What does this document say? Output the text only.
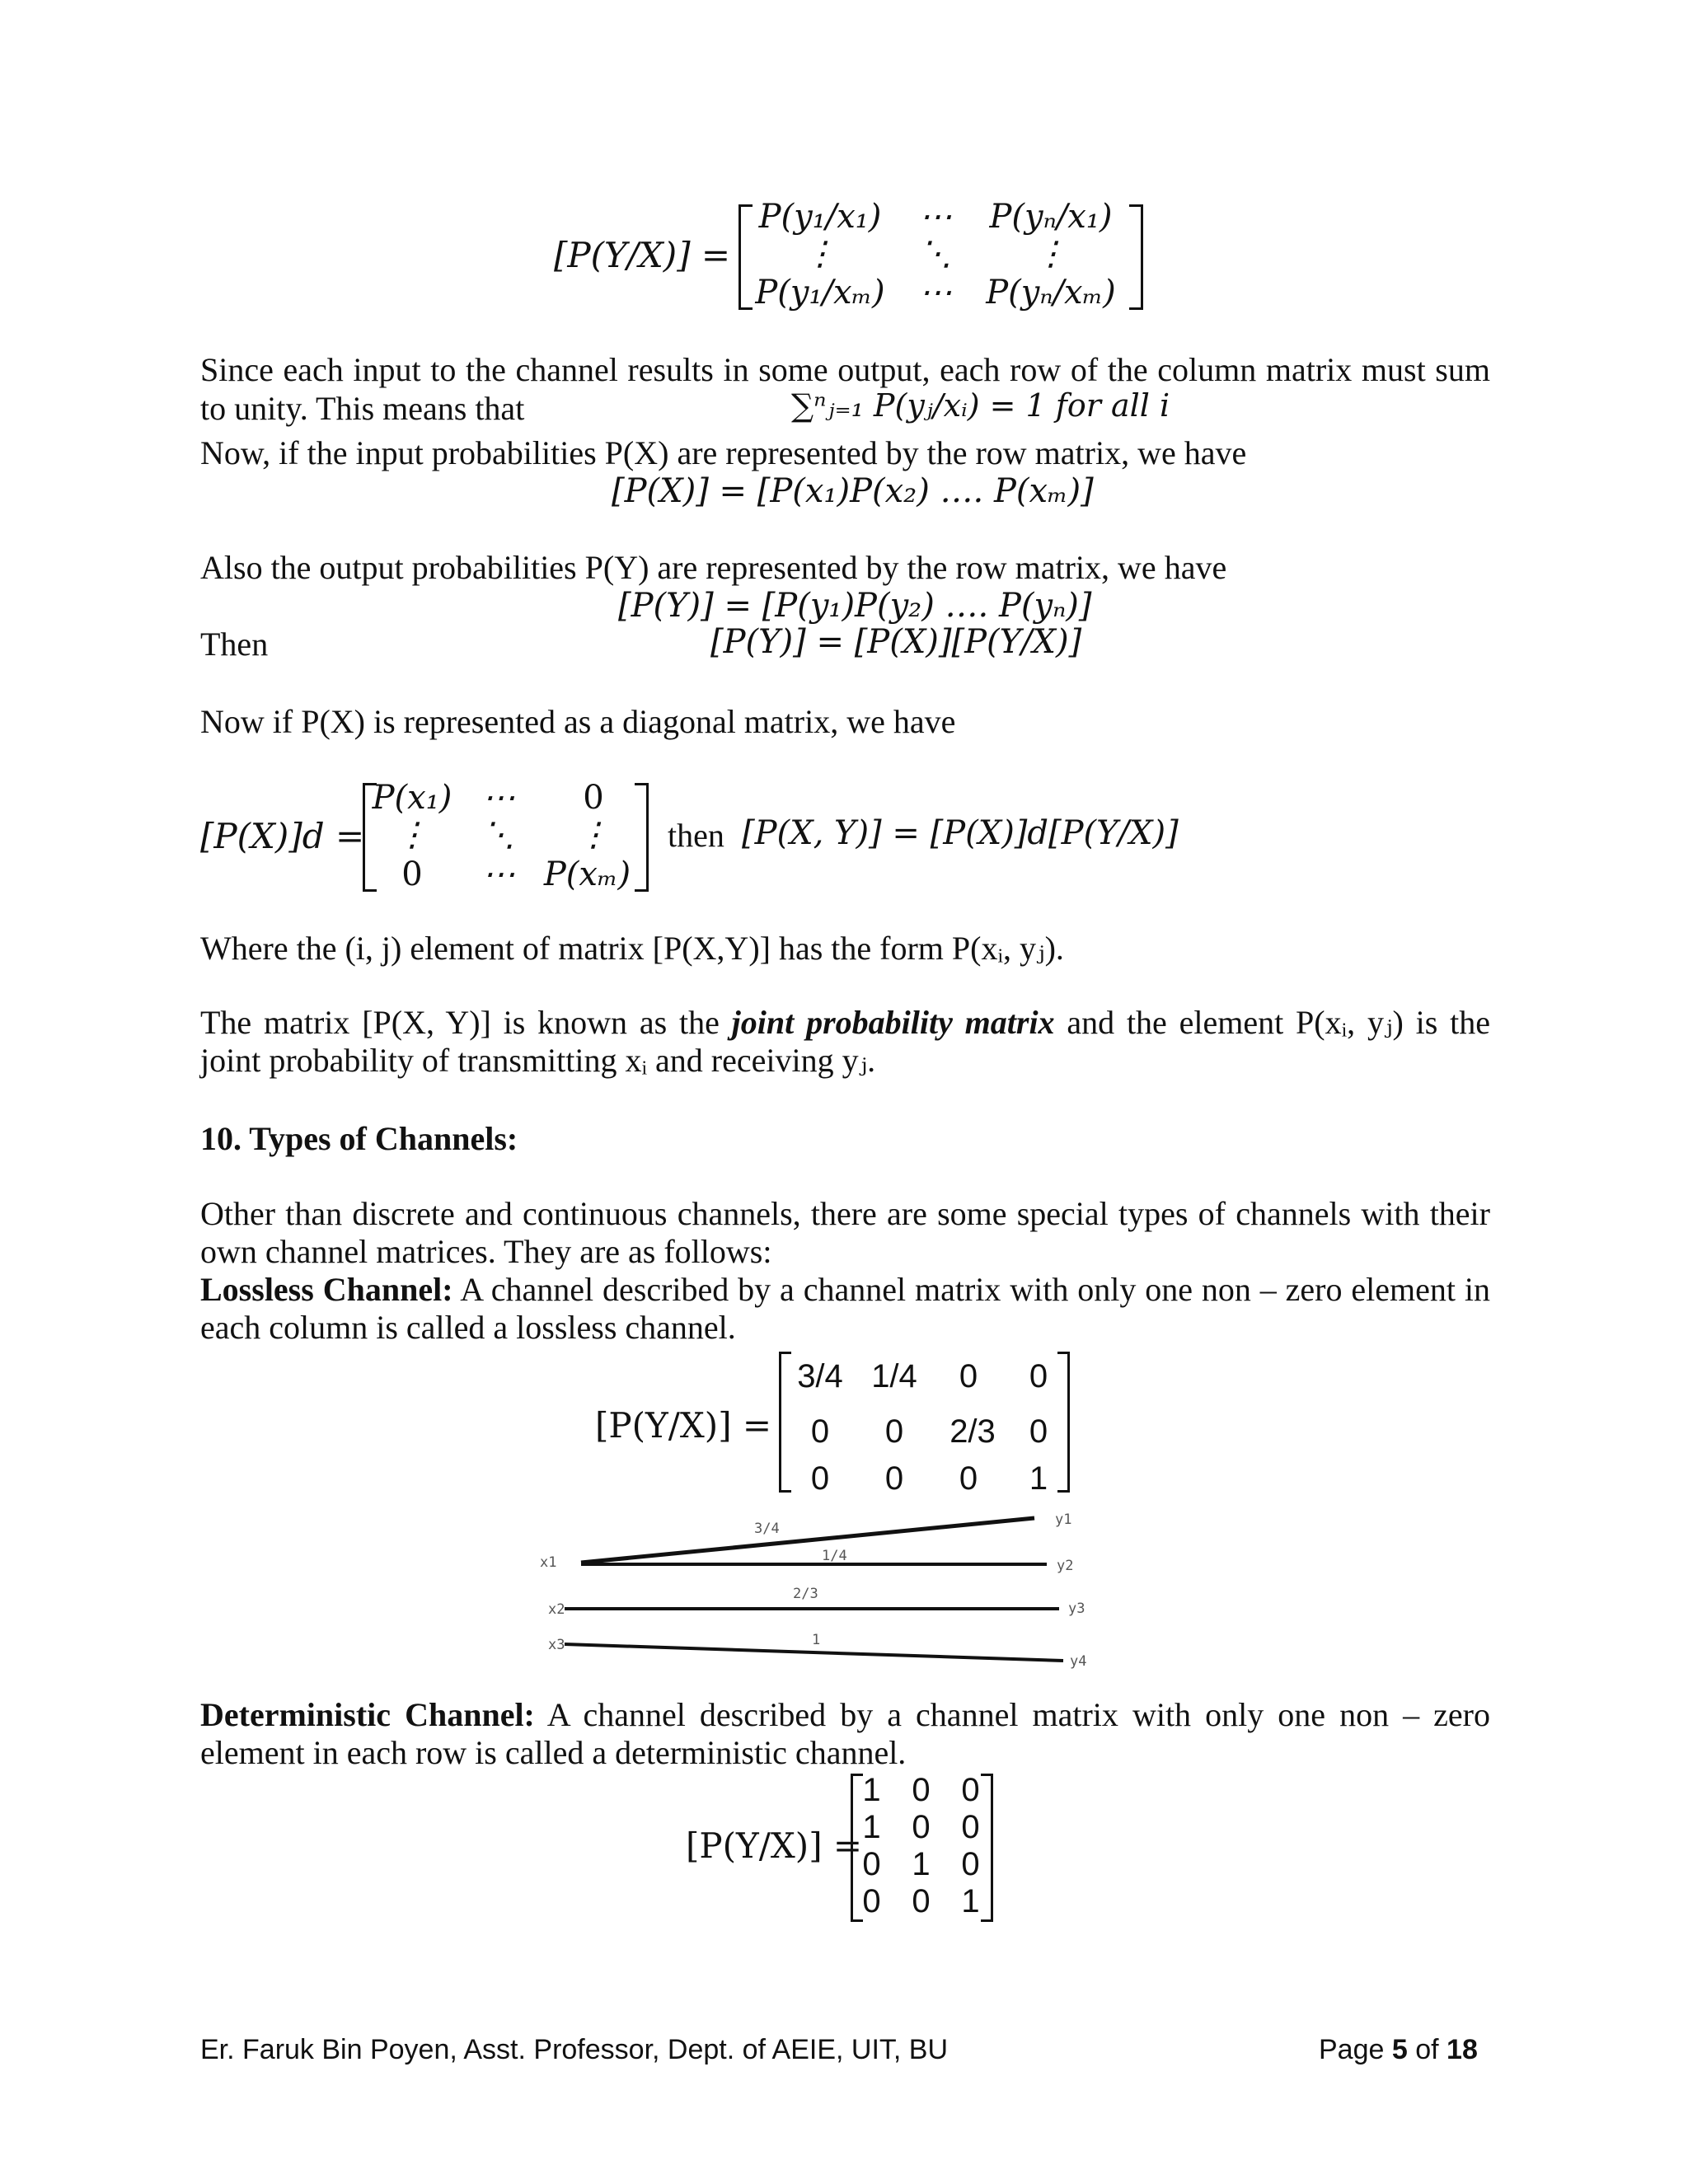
[P(Y/X)] =
P(y₁/x₁) ⋯	P(yₙ/x₁)
⋮	⋱	⋮
P(y₁/xₘ) ⋯ P(yₙ/xₘ)
Since each input to the channel results in some output, each row of the column matrix must sum
to unity. This means that	∑ⁿⱼ₌₁ P(yⱼ/xᵢ) = 1 for all i
Now, if the input probabilities P(X) are represented by the row matrix, we have
[P(X)] = [P(x₁)P(x₂) …. P(xₘ)]
Also the output probabilities P(Y) are represented by the row matrix, we have
[P(Y)] = [P(y₁)P(y₂) …. P(yₙ)]
Then	[P(Y)] = [P(X)][P(Y/X)]
Now if P(X) is represented as a diagonal matrix, we have
[P(X)]d =
P(x₁) ⋯	0
⋮	⋱	⋮
0	⋯ P(xₘ)
then [P(X, Y)] = [P(X)]d[P(Y/X)]
Where the (i, j) element of matrix [P(X,Y)] has the form P(xᵢ, yⱼ).
The matrix [P(X, Y)] is known as the joint probability matrix and the element P(xᵢ, yⱼ) is the joint probability of transmitting xᵢ and receiving yⱼ.
10. Types of Channels:
Other than discrete and continuous channels, there are some special types of channels with their own channel matrices. They are as follows:
Lossless Channel: A channel described by a channel matrix with only one non – zero element in each column is called a lossless channel.
[P(Y/X)] =
3/4 1/4	0	0
0	0	2/3	0
0	0	0	1
x1
x2
x3
y1
y2
y3
y4
3/4
1/4
2/3
1
Deterministic Channel: A channel described by a channel matrix with only one non – zero element in each row is called a deterministic channel.
[P(Y/X)] =
1 0 0
1 0 0
0 1 0
0 0 1
Er. Faruk Bin Poyen, Asst. Professor, Dept. of AEIE, UIT, BU	Page 5 of 18
